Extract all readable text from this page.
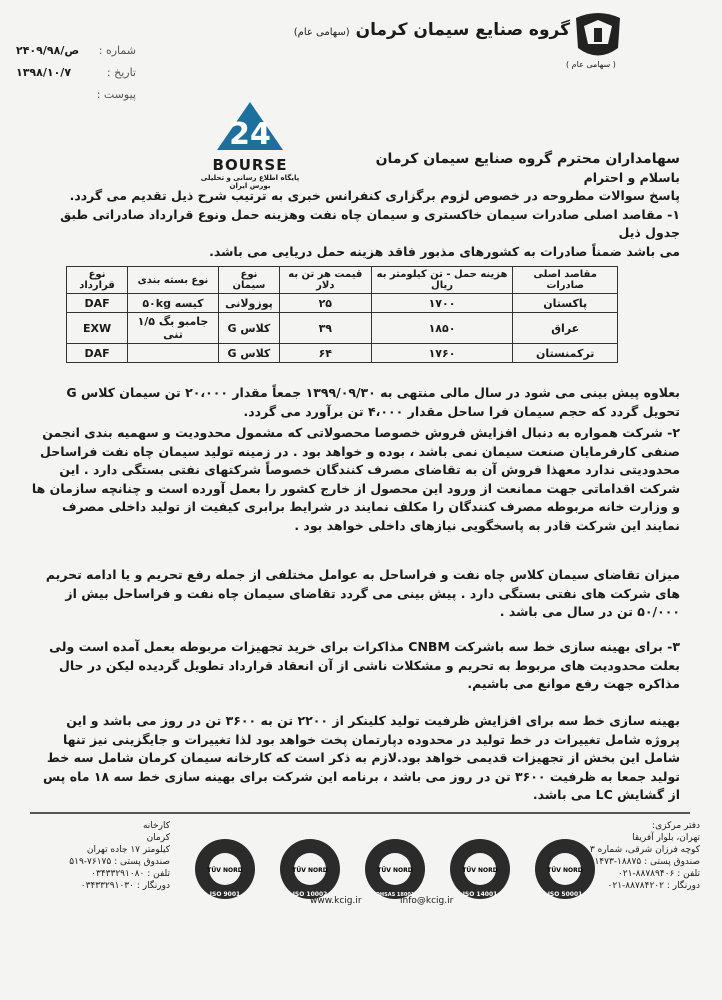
شماره :
۲۴۰۹/ص/۹۸
تاریخ :
۱۳۹۸/۱۰/۷
پیوست :
گروه صنایع سیمان کرمان (سهامی عام)
( سهامی عام )
24
BOURSE
پایگاه اطلاع رسانی و تحلیلی بورس ایران

سهامداران محترم گروه صنایع سیمان کرمان

باسلام و احترام

پاسخ سوالات مطروحه در خصوص لزوم برگزاری کنفرانس خبری به ترتیب شرح ذیل تقدیم می گردد.

۱- مقاصد اصلی صادرات سیمان خاکستری و سیمان چاه نفت وهزینه حمل ونوع قرارداد صادراتی طبق جدول ذیل

می باشد ضمناً صادرات به کشورهای مذبور فاقد هزینه حمل دریایی می باشد.

مقاصد اصلی صادرات	هزینه حمل - تن کیلومتر به ریال	قیمت هر تن به دلار	نوع سیمان	نوع بسته بندی	نوع قرارداد
پاکستان	۱۷۰۰	۲۵	پوزولانی	کیسه ۵۰kg	DAF
عراق	۱۸۵۰	۳۹	کلاس G	جامبو بگ ۱/۵ تنی	EXW
ترکمنستان	۱۷۶۰	۶۴	کلاس G		DAF
بعلاوه پیش بینی می شود در سال مالی منتهی به ۱۳۹۹/۰۹/۳۰ جمعاً مقدار ۲۰،۰۰۰ تن سیمان کلاس G تحویل گردد که حجم سیمان فرا ساحل مقدار ۴،۰۰۰ تن برآورد می گردد.
۲- شرکت همواره به دنبال افزایش فروش خصوصا محصولاتی که مشمول محدودیت و سهمیه بندی انجمن صنفی کارفرمایان صنعت سیمان نمی باشد ، بوده و خواهد بود . در زمینه تولید سیمان چاه نفت فراساحل محدودیتی ندارد معهذا فروش آن به تقاضای مصرف کنندگان خصوصاً شرکتهای نفتی بستگی دارد . این شرکت اقداماتی جهت ممانعت از ورود این محصول از خارج کشور را بعمل آورده است و چنانچه سازمان ها و وزارت خانه مربوطه مصرف کنندگان را مکلف نمایند در شرایط برابری کیفیت از تولید داخلی مصرف نمایند این شرکت قادر به پاسخگویی نیازهای داخلی خواهد بود .
میزان تقاضای سیمان کلاس چاه نفت و فراساحل به عوامل مختلفی از جمله رفع تحریم و یا ادامه تحریم های شرکت های نفتی بستگی دارد . پیش بینی می گردد تقاضای سیمان چاه نفت و فراساحل بیش از ۵۰/۰۰۰ تن در سال می باشد .
۳- برای بهینه سازی خط سه باشرکت CNBM مذاکرات برای خرید تجهیزات مربوطه بعمل آمده است ولی بعلت محدودیت های مربوط به تحریم و مشکلات ناشی از آن انعقاد قرارداد تطویل گردیده لیکن در حال مذاکره جهت رفع موانع می باشیم.
بهینه سازی خط سه برای افزایش ظرفیت تولید کلینکر از ۲۲۰۰ تن به ۳۶۰۰ تن در روز می باشد و این پروژه شامل تغییرات در خط تولید در محدوده دپارتمان پخت خواهد بود لذا تغییرات و جایگزینی نیز تنها شامل این بخش از تجهیزات قدیمی خواهد بود.لازم به ذکر است که کارخانه سیمان کرمان شامل سه خط تولید جمعا به ظرفیت ۳۶۰۰ تن در روز می باشد ، برنامه این شرکت برای بهینه سازی خط سه ۱۸ ماه پس از گشایش LC می باشد.
کارخانه
کرمان
کیلومتر ۱۷ جاده تهران
صندوق پستی : ۷۶۱۷۵-۵۱۹
تلفن : ۰۳۴۳۳۲۹۱۰۸۰
دورنگار : ۰۳۴۳۳۲۹۱۰۳۰
TÜV NORD
ISO 9001
TÜV NORD
ISO 10002
TÜV NORD
OHSAS 18001
TÜV NORD
ISO 14001
TÜV NORD
ISO 50001
www.kcig.ir	info@kcig.ir
دفتر مرکزی:
تهران، بلوار آفریقا
کوچه فرزان شرقی، شماره ۳
صندوق پستی : ۱۸۸۷۵-۱۴۷۳
تلفن : ۸۸۷۸۹۴۰۶-۰۲۱
دورنگار : ۸۸۷۸۴۲۰۲-۰۲۱
